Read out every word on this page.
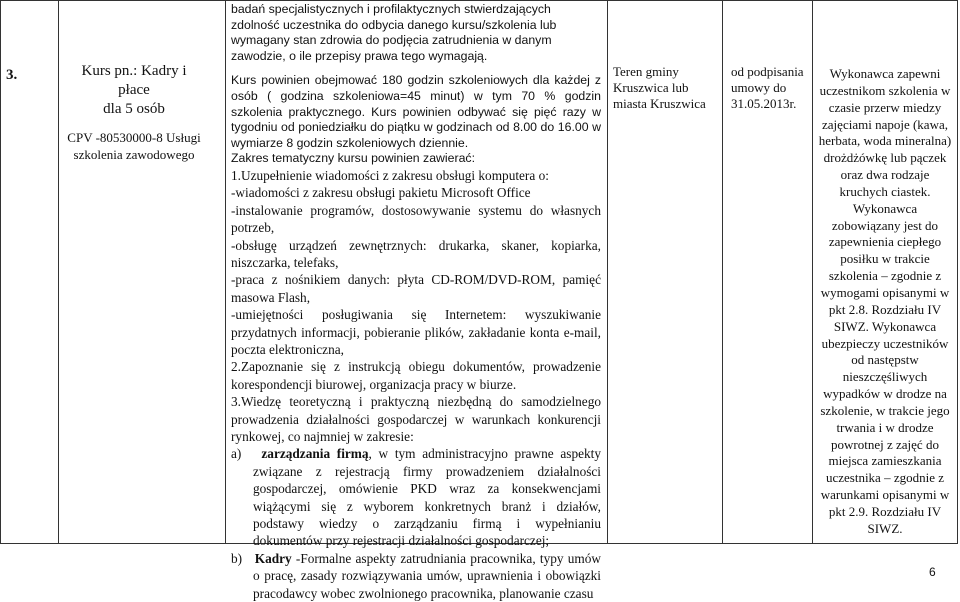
3.	Kurs pn.: Kadry i
płace
dla 5 osób
CPV -80530000-8 Usługi
szkolenia zawodowego

badań specjalistycznych i profilaktycznych stwierdzających

zdolność uczestnika do odbycia danego kursu/szkolenia lub

wymagany stan zdrowia do podjęcia zatrudnienia w danym

zawodzie, o ile przepisy prawa tego wymagają.

Kurs powinien obejmować 180 godzin szkoleniowych dla każdej z osób ( godzina szkoleniowa=45 minut) w tym 70 % godzin szkolenia praktycznego. Kurs powinien odbywać się pięć razy w tygodniu od poniedziałku do piątku w godzinach od 8.00 do 16.00 w wymiarze 8 godzin szkoleniowych dziennie.

Zakres tematyczny kursu powinien zawierać:

1.Uzupełnienie wiadomości z zakresu obsługi komputera o:

-wiadomości z zakresu obsługi pakietu Microsoft Office

-instalowanie programów, dostosowywanie systemu do własnych potrzeb,

-obsługę urządzeń zewnętrznych: drukarka, skaner, kopiarka, niszczarka, telefaks,

-praca z nośnikiem danych: płyta CD-ROM/DVD-ROM, pamięć masowa Flash,

-umiejętności posługiwania się Internetem: wyszukiwanie przydatnych informacji, pobieranie plików, zakładanie konta e-mail, poczta elektroniczna,

2.Zapoznanie się z instrukcją obiegu dokumentów, prowadzenie korespondencji biurowej, organizacja pracy w biurze.

3.Wiedzę teoretyczną i praktyczną niezbędną do samodzielnego prowadzenia działalności gospodarczej w warunkach konkurencji rynkowej, co najmniej w zakresie:

a) zarządzania firmą, w tym administracyjno prawne aspekty związane z rejestracją firmy prowadzeniem działalności gospodarczej, omówienie PKD wraz za konsekwencjami wiążącymi się z wyborem konkretnych branż i działów, podstawy wiedzy o zarządzaniu firmą i wypełnianiu dokumentów przy rejestracji działalności gospodarczej;

b) Kadry -Formalne aspekty zatrudniania pracownika, typy umów o pracę, zasady rozwiązywania umów, uprawnienia i obowiązki pracodawcy wobec zwolnionego pracownika, planowanie czasu

Teren gminy Kruszwica lub miasta Kruszwica
od podpisania umowy do 31.05.2013r.
Wykonawca zapewni uczestnikom szkolenia w czasie przerw miedzy zajęciami napoje (kawa, herbata, woda mineralna) drożdżówkę lub pączek oraz dwa rodzaje kruchych ciastek. Wykonawca zobowiązany jest do zapewnienia ciepłego posiłku w trakcie szkolenia – zgodnie z wymogami opisanymi w pkt 2.8. Rozdziału IV SIWZ. Wykonawca ubezpieczy uczestników od następstw nieszczęśliwych wypadków w drodze na szkolenie, w trakcie jego trwania i w drodze powrotnej z zajęć do miejsca zamieszkania uczestnika – zgodnie z warunkami opisanymi w pkt 2.9. Rozdziału IV SIWZ.
6
